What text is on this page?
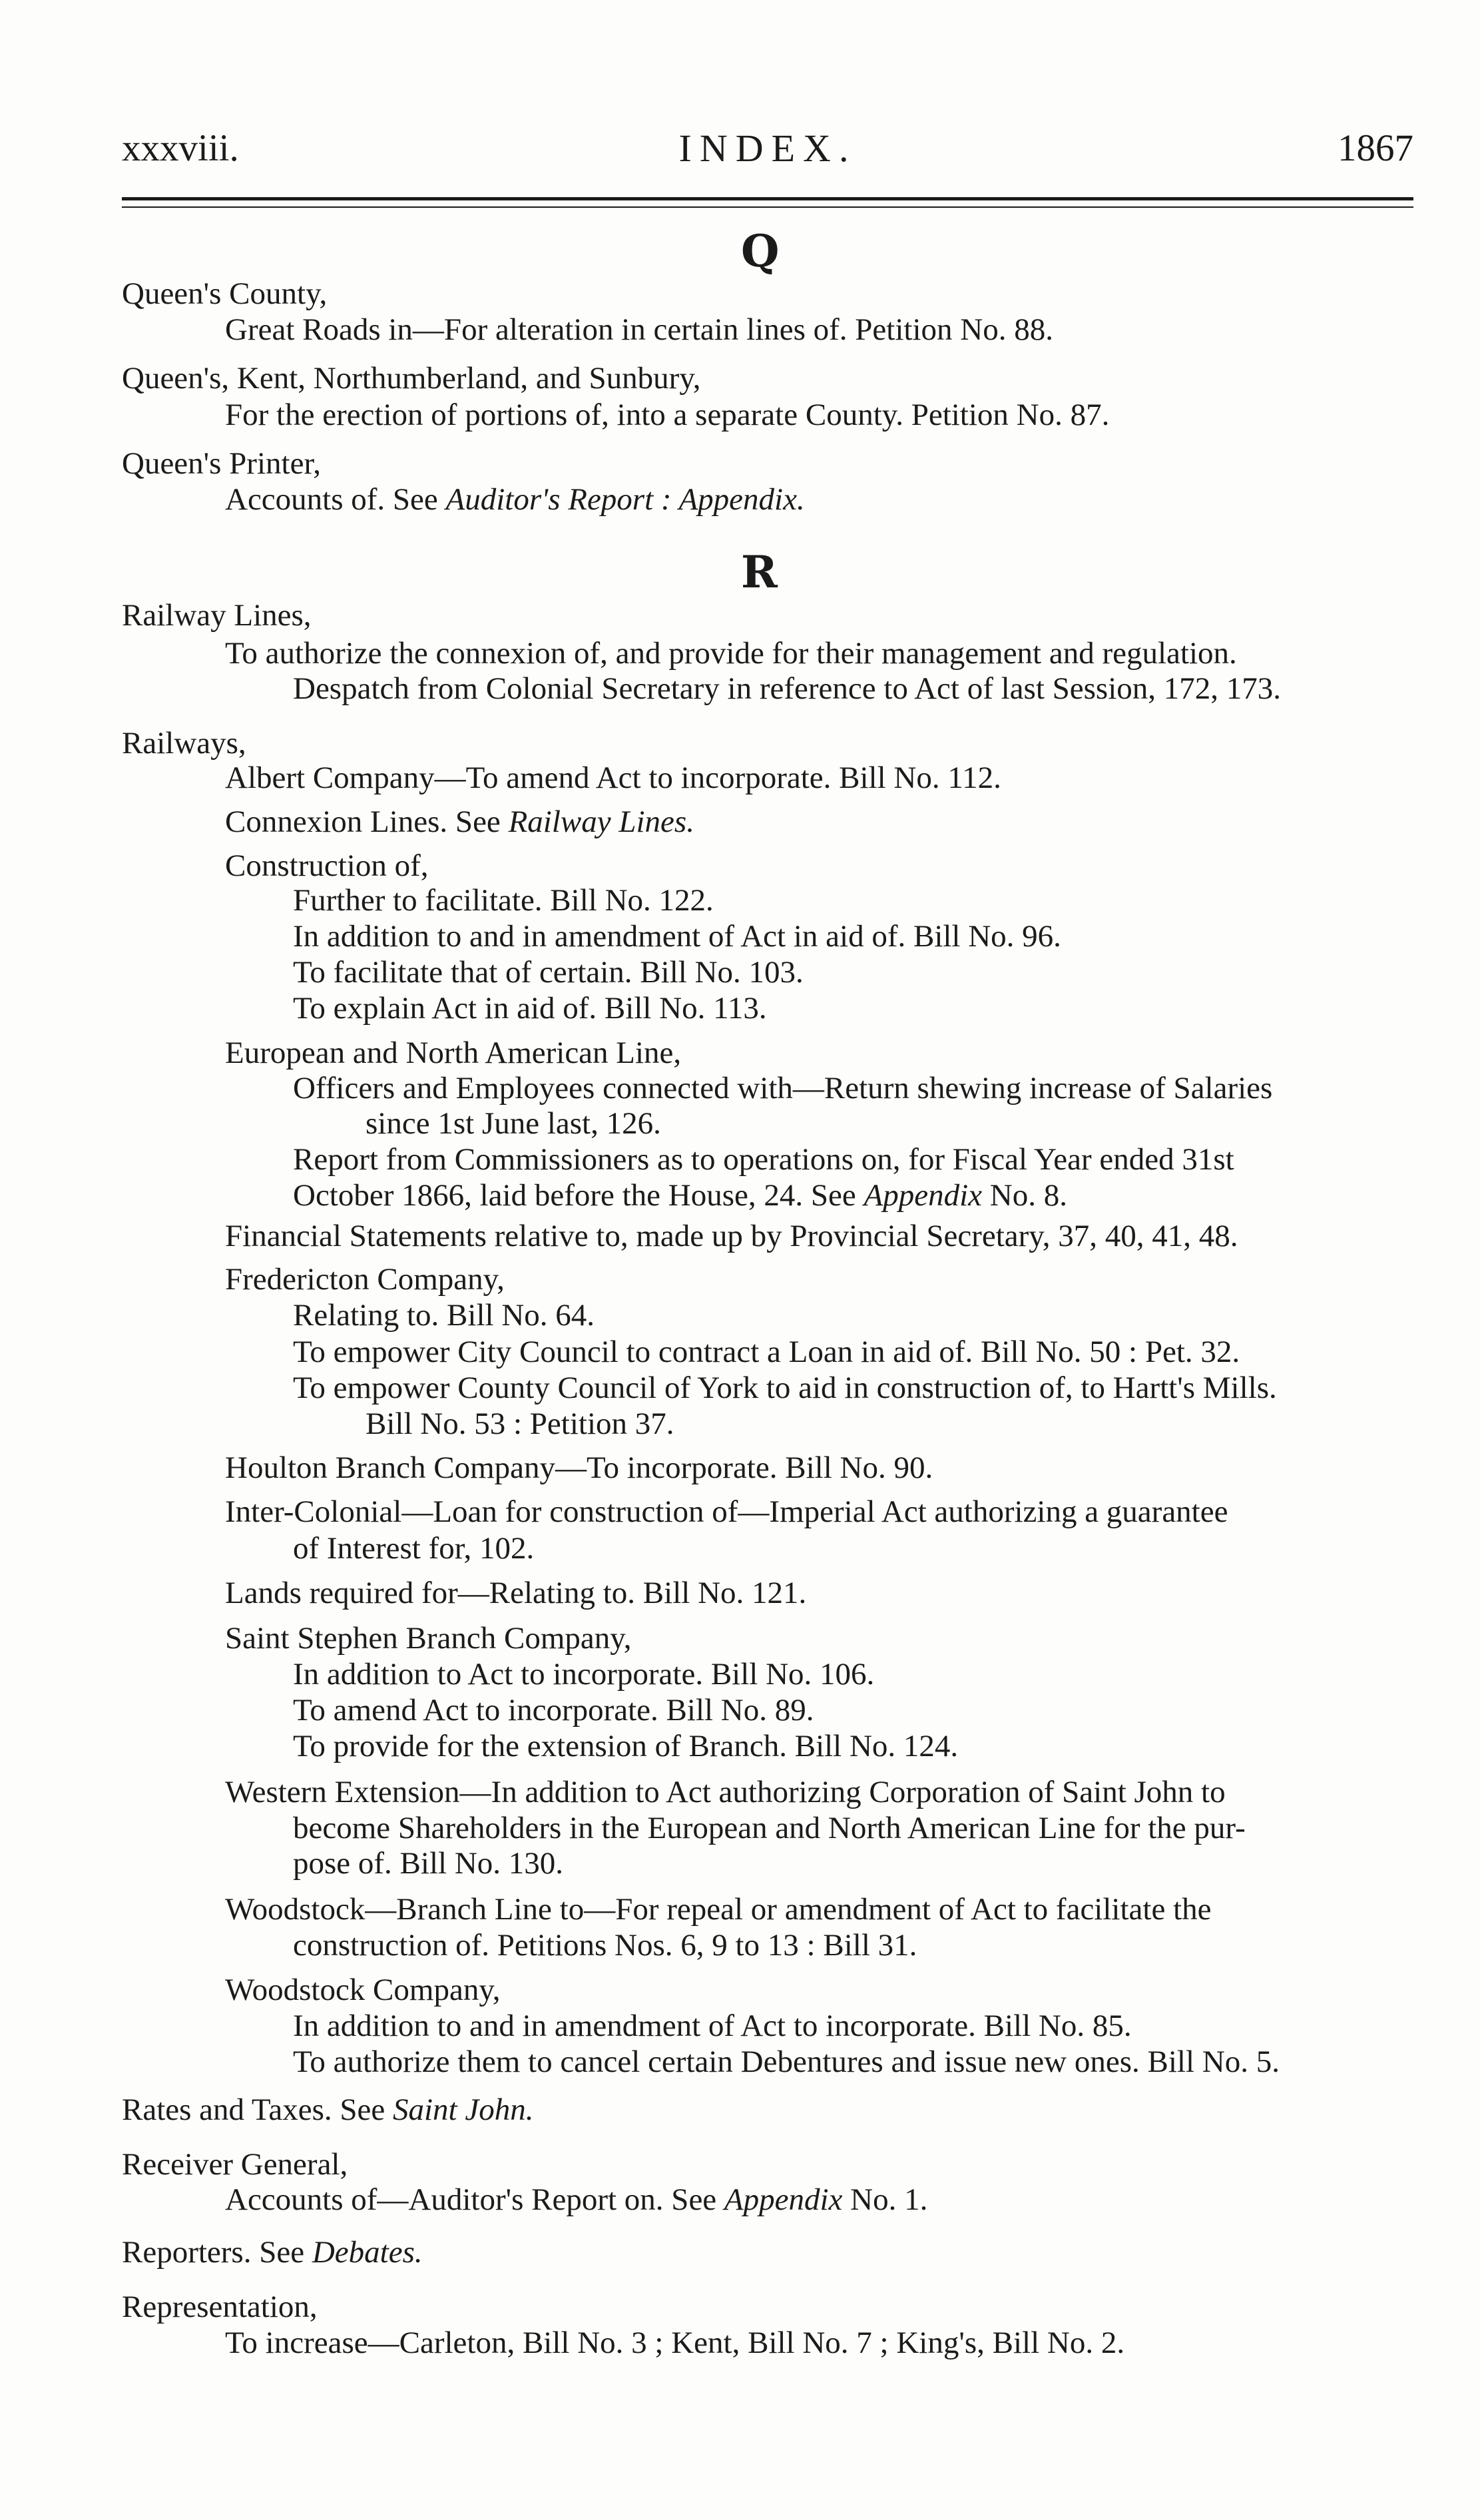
xxxviii.	INDEX.	1867
Q
Queen's County,
Great Roads in—For alteration in certain lines of. Petition No. 88.
Queen's, Kent, Northumberland, and Sunbury,
For the erection of portions of, into a separate County. Petition No. 87.
Queen's Printer,
Accounts of. See Auditor's Report : Appendix.
R
Railway Lines,
To authorize the connexion of, and provide for their management and regulation.
Despatch from Colonial Secretary in reference to Act of last Session, 172, 173.
Railways,
Albert Company—To amend Act to incorporate. Bill No. 112.
Connexion Lines. See Railway Lines.
Construction of,
Further to facilitate. Bill No. 122.
In addition to and in amendment of Act in aid of. Bill No. 96.
To facilitate that of certain. Bill No. 103.
To explain Act in aid of. Bill No. 113.
European and North American Line,
Officers and Employees connected with—Return shewing increase of Salaries
since 1st June last, 126.
Report from Commissioners as to operations on, for Fiscal Year ended 31st
October 1866, laid before the House, 24. See Appendix No. 8.
Financial Statements relative to, made up by Provincial Secretary, 37, 40, 41, 48.
Fredericton Company,
Relating to. Bill No. 64.
To empower City Council to contract a Loan in aid of. Bill No. 50 : Pet. 32.
To empower County Council of York to aid in construction of, to Hartt's Mills.
Bill No. 53 : Petition 37.
Houlton Branch Company—To incorporate. Bill No. 90.
Inter-Colonial—Loan for construction of—Imperial Act authorizing a guarantee
of Interest for, 102.
Lands required for—Relating to. Bill No. 121.
Saint Stephen Branch Company,
In addition to Act to incorporate. Bill No. 106.
To amend Act to incorporate. Bill No. 89.
To provide for the extension of Branch. Bill No. 124.
Western Extension—In addition to Act authorizing Corporation of Saint John to
become Shareholders in the European and North American Line for the pur-
pose of. Bill No. 130.
Woodstock—Branch Line to—For repeal or amendment of Act to facilitate the
construction of. Petitions Nos. 6, 9 to 13 : Bill 31.
Woodstock Company,
In addition to and in amendment of Act to incorporate. Bill No. 85.
To authorize them to cancel certain Debentures and issue new ones. Bill No. 5.
Rates and Taxes. See Saint John.
Receiver General,
Accounts of—Auditor's Report on. See Appendix No. 1.
Reporters. See Debates.
Representation,
To increase—Carleton, Bill No. 3 ; Kent, Bill No. 7 ; King's, Bill No. 2.
